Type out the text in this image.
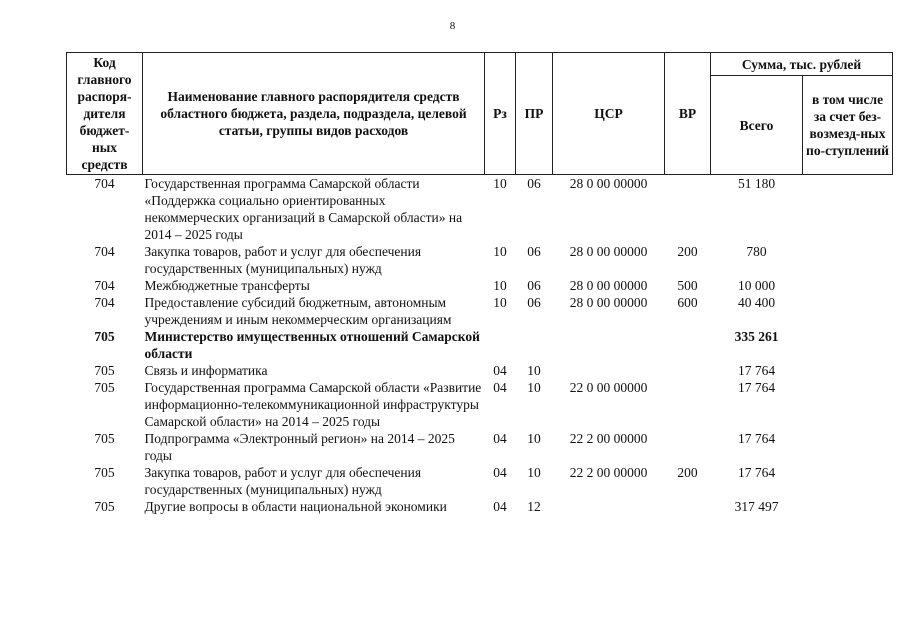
8
Код главного распоря-дителя бюджет-ных средств	Наименование главного распорядителя средств областного бюджета, раздела, подраздела, целевой статьи, группы видов расходов	Рз	ПР	ЦСР	ВР	Сумма, тыс. рублей	
						Всего	в том числе за счет без-возмезд-ных по-ступлений
704	Государственная программа Самарской области «Поддержка социально ориентированных некоммерческих организаций в Самарской области» на 2014 – 2025 годы	10	06	28 0 00 00000		51 180	
704	Закупка товаров, работ и услуг для обеспечения государственных (муниципальных) нужд	10	06	28 0 00 00000	200	780	
704	Межбюджетные трансферты	10	06	28 0 00 00000	500	10 000	
704	Предоставление субсидий бюджетным, автономным учреждениям и иным некоммерческим организациям	10	06	28 0 00 00000	600	40 400	
705	Министерство имущественных отношений Самарской области					335 261	
705	Связь и информатика	04	10			17 764	
705	Государственная программа Самарской области «Развитие информационно-телекоммуникационной инфраструктуры Самарской области» на 2014 – 2025 годы	04	10	22 0 00 00000		17 764	
705	Подпрограмма «Электронный регион» на 2014 – 2025 годы	04	10	22 2 00 00000		17 764	
705	Закупка товаров, работ и услуг для обеспечения государственных (муниципальных) нужд	04	10	22 2 00 00000	200	17 764	
705	Другие вопросы в области национальной экономики	04	12			317 497	
